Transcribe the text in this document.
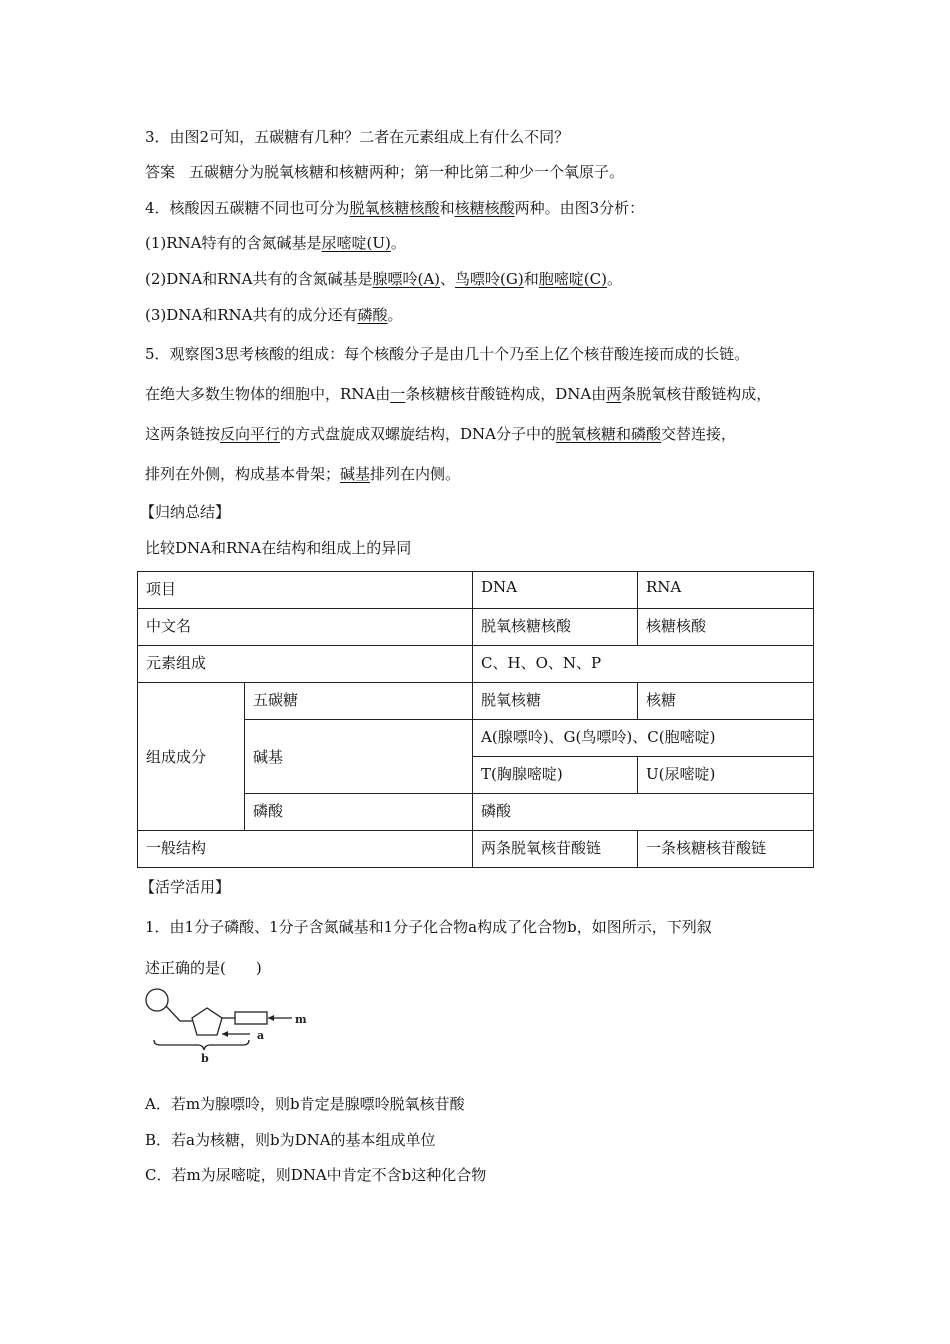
3．由图2可知，五碳糖有几种？二者在元素组成上有什么不同？
答案 五碳糖分为脱氧核糖和核糖两种；第一种比第二种少一个氧原子。
4．核酸因五碳糖不同也可分为脱氧核糖核酸和核糖核酸两种。由图3分析：
(1)RNA特有的含氮碱基是尿嘧啶(U)。
(2)DNA和RNA共有的含氮碱基是腺嘌呤(A)、鸟嘌呤(G)和胞嘧啶(C)。
(3)DNA和RNA共有的成分还有磷酸。
5．观察图3思考核酸的组成：每个核酸分子是由几十个乃至上亿个核苷酸连接而成的长链。
在绝大多数生物体的细胞中，RNA由一条核糖核苷酸链构成，DNA由两条脱氧核苷酸链构成，
这两条链按反向平行的方式盘旋成双螺旋结构，DNA分子中的脱氧核糖和磷酸交替连接，
排列在外侧，构成基本骨架；碱基排列在内侧。
【归纳总结】
比较DNA和RNA在结构和组成上的异同
项目		DNA	RNA
中文名		脱氧核糖核酸	核糖核酸
元素组成		C、H、O、N、P	
组成成分	五碳糖	脱氧核糖	核糖
	碱基	A(腺嘌呤)、G(鸟嘌呤)、C(胞嘧啶)	
		T(胸腺嘧啶)	U(尿嘧啶)
	磷酸	磷酸	
一般结构		两条脱氧核苷酸链	一条核糖核苷酸链
【活学活用】
1．由1分子磷酸、1分子含氮碱基和1分子化合物a构成了化合物b，如图所示，下列叙
述正确的是(　　)
m
a
b
A．若m为腺嘌呤，则b肯定是腺嘌呤脱氧核苷酸
B．若a为核糖，则b为DNA的基本组成单位
C．若m为尿嘧啶，则DNA中肯定不含b这种化合物
